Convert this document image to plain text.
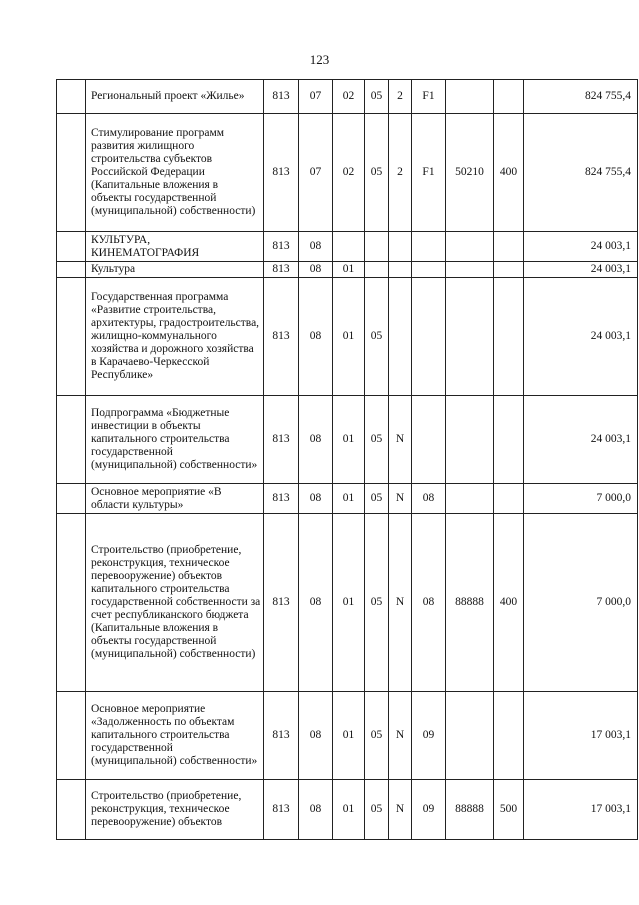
123
	Региональный проект «Жилье»	813	07	02	05	2	F1			824 755,4
	Стимулирование программ развития жилищного строительства субъектов Российской Федерации (Капитальные вложения в объекты государственной (муниципальной) собственности)	813	07	02	05	2	F1	50210	400	824 755,4
	КУЛЬТУРА, КИНЕМАТОГРАФИЯ	813	08							24 003,1
	Культура	813	08	01						24 003,1
	Государственная программа «Развитие строительства, архитектуры, градостроительства, жилищно-коммунального хозяйства и дорожного хозяйства в Карачаево-Черкесской Республике»	813	08	01	05					24 003,1
	Подпрограмма «Бюджетные инвестиции в объекты капитального строительства государственной (муниципальной) собственности»	813	08	01	05	N				24 003,1
	Основное мероприятие «В области культуры»	813	08	01	05	N	08			7 000,0
	Строительство (приобретение, реконструкция, техническое перевооружение) объектов капитального строительства государственной собственности за счет республиканского бюджета (Капитальные вложения в объекты государственной (муниципальной) собственности)	813	08	01	05	N	08	88888	400	7 000,0
	Основное мероприятие «Задолженность по объектам капитального строительства государственной (муниципальной) собственности»	813	08	01	05	N	09			17 003,1
	Строительство (приобретение, реконструкция, техническое перевооружение) объектов	813	08	01	05	N	09	88888	500	17 003,1
